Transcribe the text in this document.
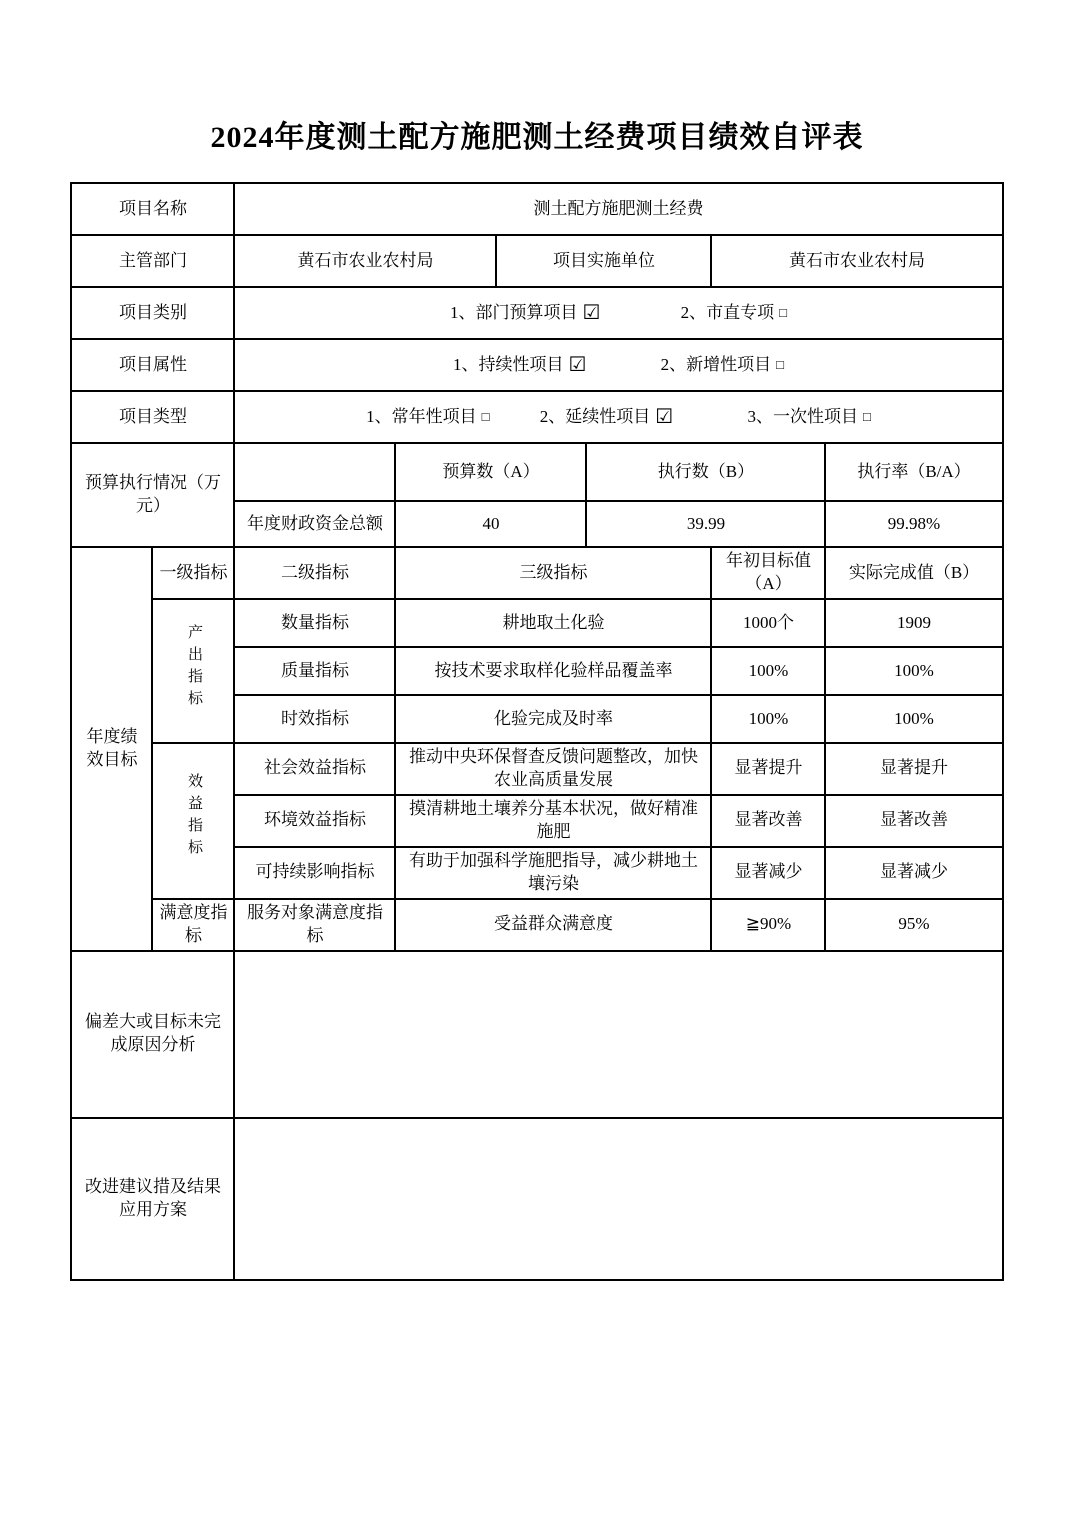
2024年度测土配方施肥测土经费项目绩效自评表
项目名称		测土配方施肥测土经费					
主管部门		黄石市农业农村局		项目实施单位		黄石市农业农村局	
项目类别		1、部门预算项目 ☑ 2、市直专项 □					
项目属性		1、持续性项目 ☑ 2、新增性项目 □					
项目类型		1、常年性项目 □ 2、延续性项目 ☑ 3、一次性项目 □					
预算执行情况（万元）			预算数（A）		执行数（B）		执行率（B/A）
		年度财政资金总额	40		39.99		99.98%
年度绩效目标	一级指标	二级指标	三级指标			年初目标值（A）	实际完成值（B）
	产出指标	数量指标	耕地取土化验			1000个	1909
		质量指标	按技术要求取样化验样品覆盖率			100%	100%
		时效指标	化验完成及时率			100%	100%
	效益指标	社会效益指标	推动中央环保督查反馈问题整改，加快农业高质量发展			显著提升	显著提升
		环境效益指标	摸清耕地土壤养分基本状况，做好精准施肥			显著改善	显著改善
		可持续影响指标	有助于加强科学施肥指导，减少耕地土壤污染			显著减少	显著减少
	满意度指标	服务对象满意度指标	受益群众满意度			≧90%	95%
偏差大或目标未完成原因分析							
改进建议措及结果应用方案							
